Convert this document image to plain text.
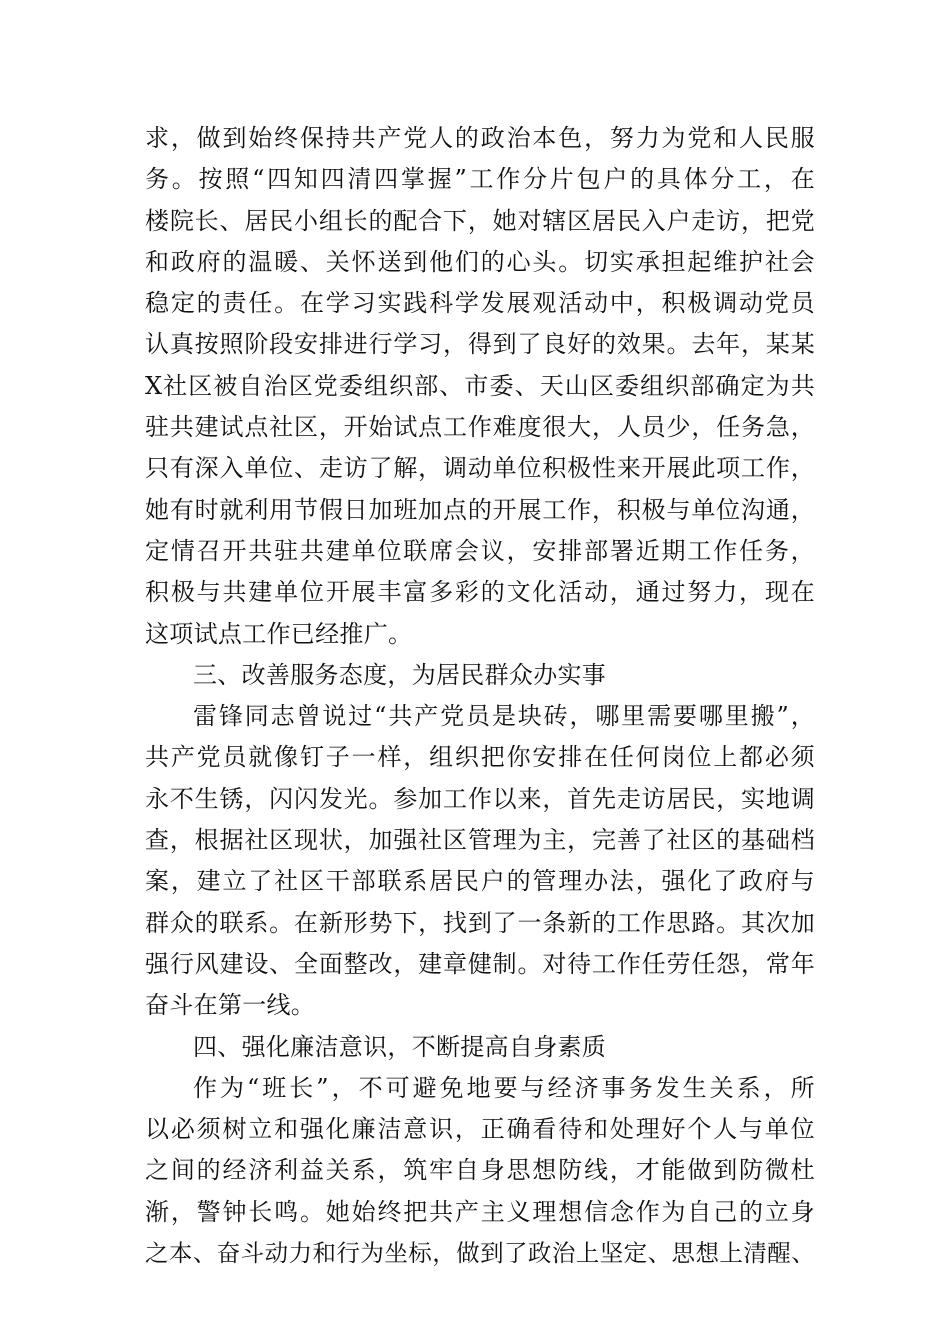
求，做到始终保持共产党人的政治本色，努力为党和人民服
务。按照“四知四清四掌握”工作分片包户的具体分工，在
楼院长、居民小组长的配合下，她对辖区居民入户走访，把党
和政府的温暖、关怀送到他们的心头。切实承担起维护社会
稳定的责任。在学习实践科学发展观活动中，积极调动党员
认真按照阶段安排进行学习，得到了良好的效果。去年，某某
X社区被自治区党委组织部、市委、天山区委组织部确定为共
驻共建试点社区，开始试点工作难度很大，人员少，任务急，
只有深入单位、走访了解，调动单位积极性来开展此项工作，
她有时就利用节假日加班加点的开展工作，积极与单位沟通，
定情召开共驻共建单位联席会议，安排部署近期工作任务，
积极与共建单位开展丰富多彩的文化活动，通过努力，现在
这项试点工作已经推广。
三、改善服务态度，为居民群众办实事
雷锋同志曾说过“共产党员是块砖，哪里需要哪里搬”，
共产党员就像钉子一样，组织把你安排在任何岗位上都必须
永不生锈，闪闪发光。参加工作以来，首先走访居民，实地调
查，根据社区现状，加强社区管理为主，完善了社区的基础档
案，建立了社区干部联系居民户的管理办法，强化了政府与
群众的联系。在新形势下，找到了一条新的工作思路。其次加
强行风建设、全面整改，建章健制。对待工作任劳任怨，常年
奋斗在第一线。
四、强化廉洁意识，不断提高自身素质
作为“班长”，不可避免地要与经济事务发生关系，所
以必须树立和强化廉洁意识，正确看待和处理好个人与单位
之间的经济利益关系，筑牢自身思想防线，才能做到防微杜
渐，警钟长鸣。她始终把共产主义理想信念作为自己的立身
之本、奋斗动力和行为坐标，做到了政治上坚定、思想上清醒、
